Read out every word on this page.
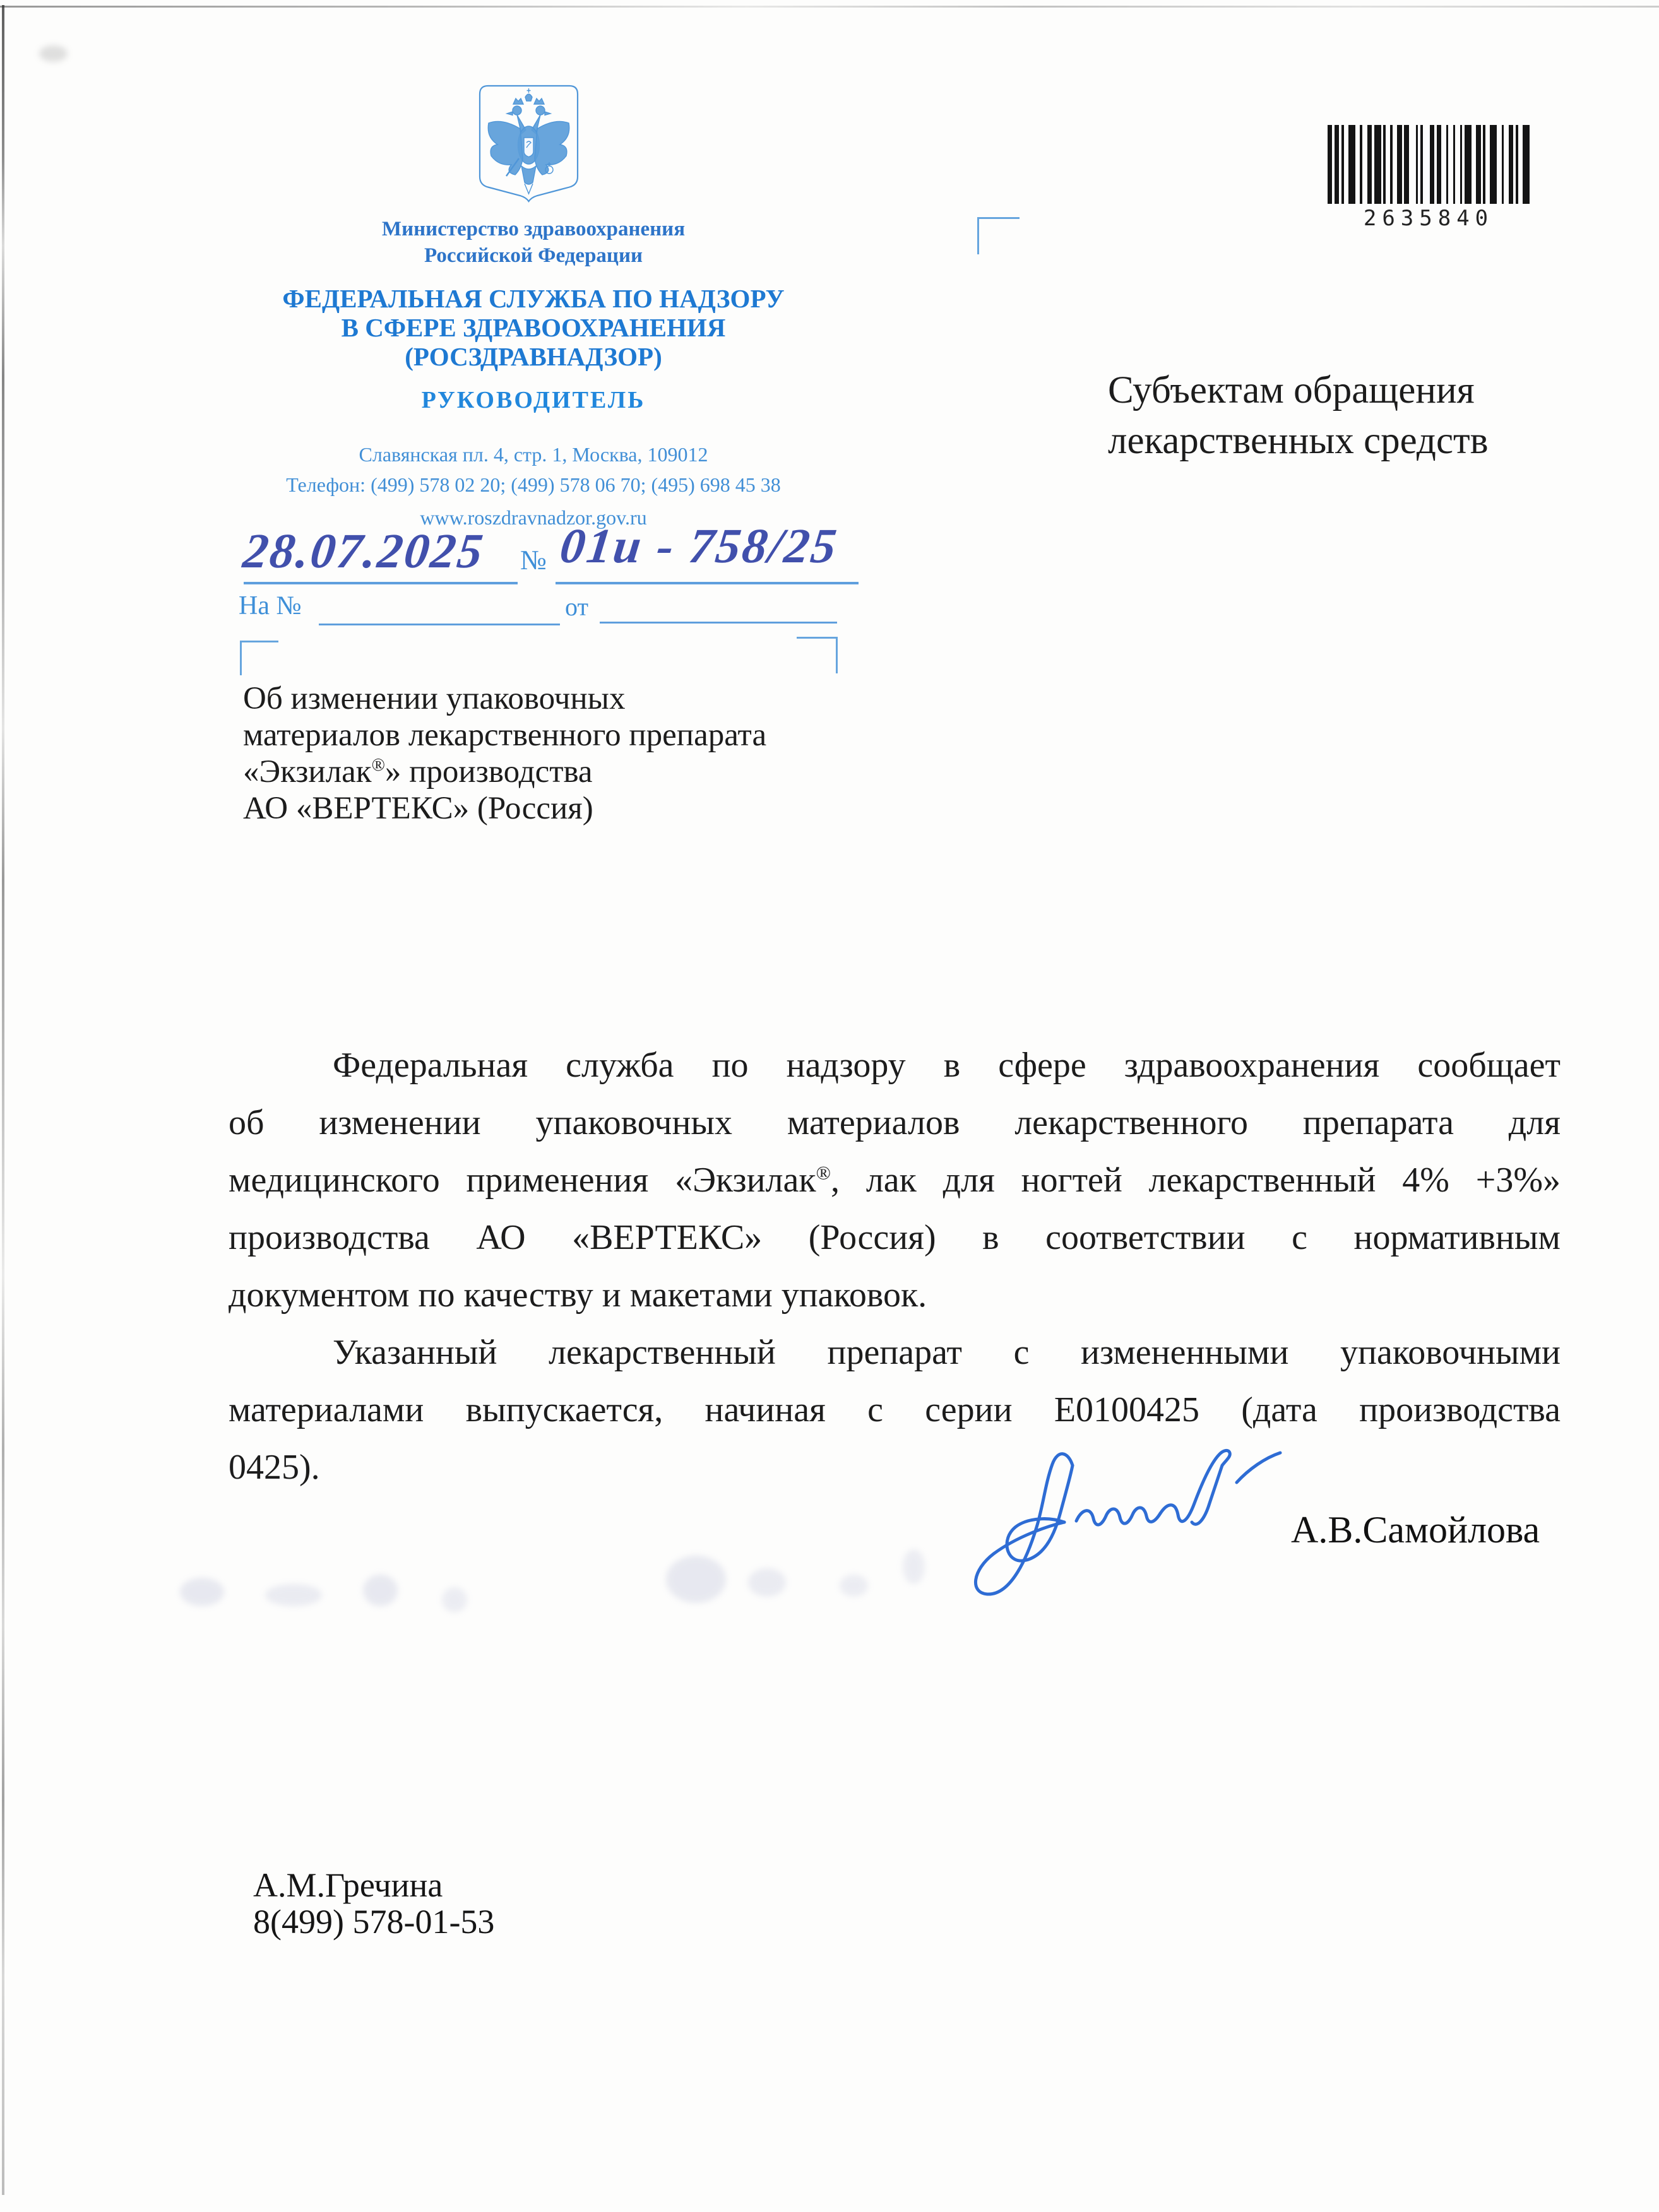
2635840
Министерство здравоохранения
Российской Федерации
ФЕДЕРАЛЬНАЯ СЛУЖБА ПО НАДЗОРУ
В СФЕРЕ ЗДРАВООХРАНЕНИЯ
(РОСЗДРАВНАДЗОР)
РУКОВОДИТЕЛЬ
Славянская пл. 4, стр. 1, Москва, 109012
Телефон: (499) 578 02 20; (499) 578 06 70; (495) 698 45 38
www.roszdravnadzor.gov.ru
28.07.2025 № 01и - 758/25
На №	от
Субъектам обращения
лекарственных средств
Об изменении упаковочных
материалов лекарственного препарата
«Экзилак®» производства
АО «ВЕРТЕКС» (Россия)
Федеральная служба по надзору в сфере здравоохранения сообщает
об изменении упаковочных материалов лекарственного препарата для
медицинского применения «Экзилак®, лак для ногтей лекарственный 4% +3%»
производства АО «ВЕРТЕКС» (Россия) в соответствии с нормативным
документом по качеству и макетами упаковок.
Указанный лекарственный препарат с измененными упаковочными
материалами выпускается, начиная с серии Е0100425 (дата производства
0425).
А.В.Самойлова
А.М.Гречина
8(499) 578-01-53
